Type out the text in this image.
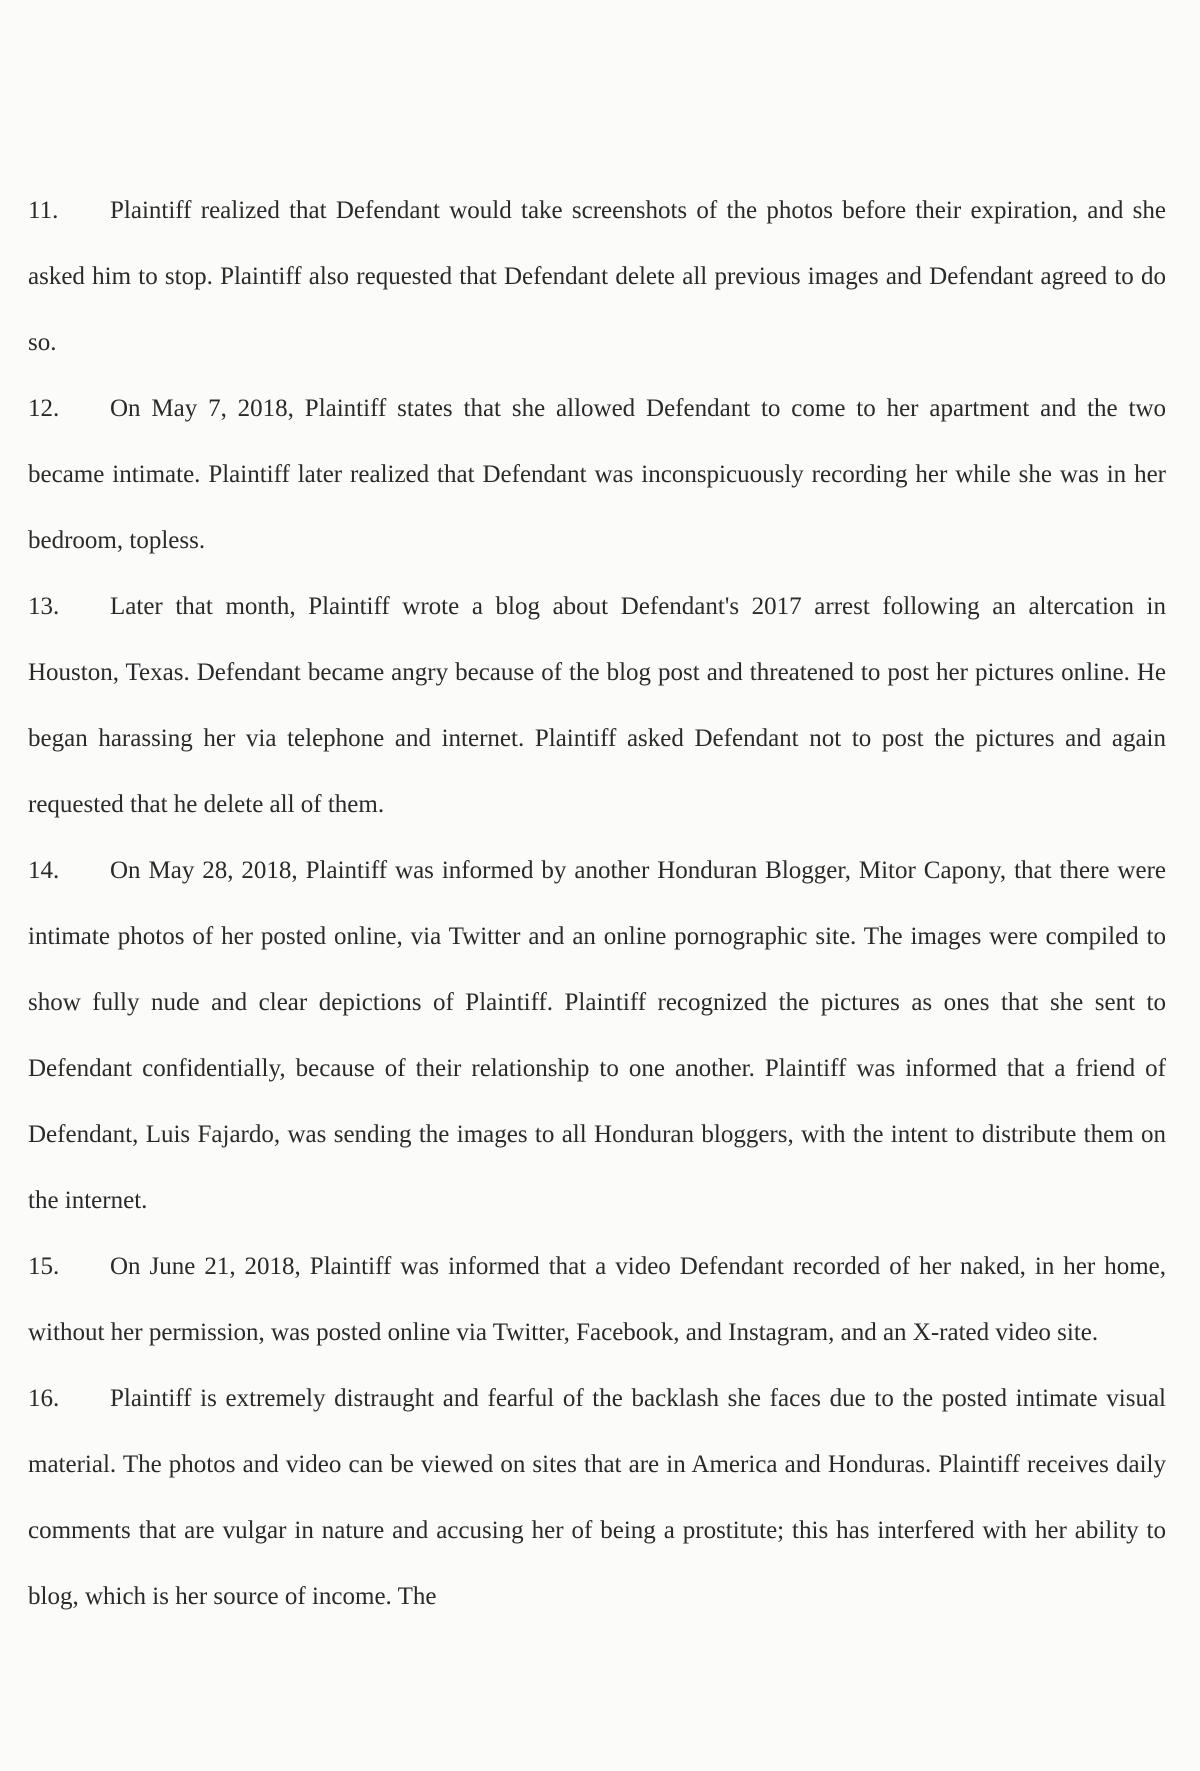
11. Plaintiff realized that Defendant would take screenshots of the photos before their expiration, and she asked him to stop. Plaintiff also requested that Defendant delete all previous images and Defendant agreed to do so.

12. On May 7, 2018, Plaintiff states that she allowed Defendant to come to her apartment and the two became intimate. Plaintiff later realized that Defendant was inconspicuously recording her while she was in her bedroom, topless.

13. Later that month, Plaintiff wrote a blog about Defendant's 2017 arrest following an altercation in Houston, Texas. Defendant became angry because of the blog post and threatened to post her pictures online. He began harassing her via telephone and internet. Plaintiff asked Defendant not to post the pictures and again requested that he delete all of them.

14. On May 28, 2018, Plaintiff was informed by another Honduran Blogger, Mitor Capony, that there were intimate photos of her posted online, via Twitter and an online pornographic site. The images were compiled to show fully nude and clear depictions of Plaintiff. Plaintiff recognized the pictures as ones that she sent to Defendant confidentially, because of their relationship to one another. Plaintiff was informed that a friend of Defendant, Luis Fajardo, was sending the images to all Honduran bloggers, with the intent to distribute them on the internet.

15. On June 21, 2018, Plaintiff was informed that a video Defendant recorded of her naked, in her home, without her permission, was posted online via Twitter, Facebook, and Instagram, and an X-rated video site.

16. Plaintiff is extremely distraught and fearful of the backlash she faces due to the posted intimate visual material. The photos and video can be viewed on sites that are in America and Honduras. Plaintiff receives daily comments that are vulgar in nature and accusing her of being a prostitute; this has interfered with her ability to blog, which is her source of income. The
